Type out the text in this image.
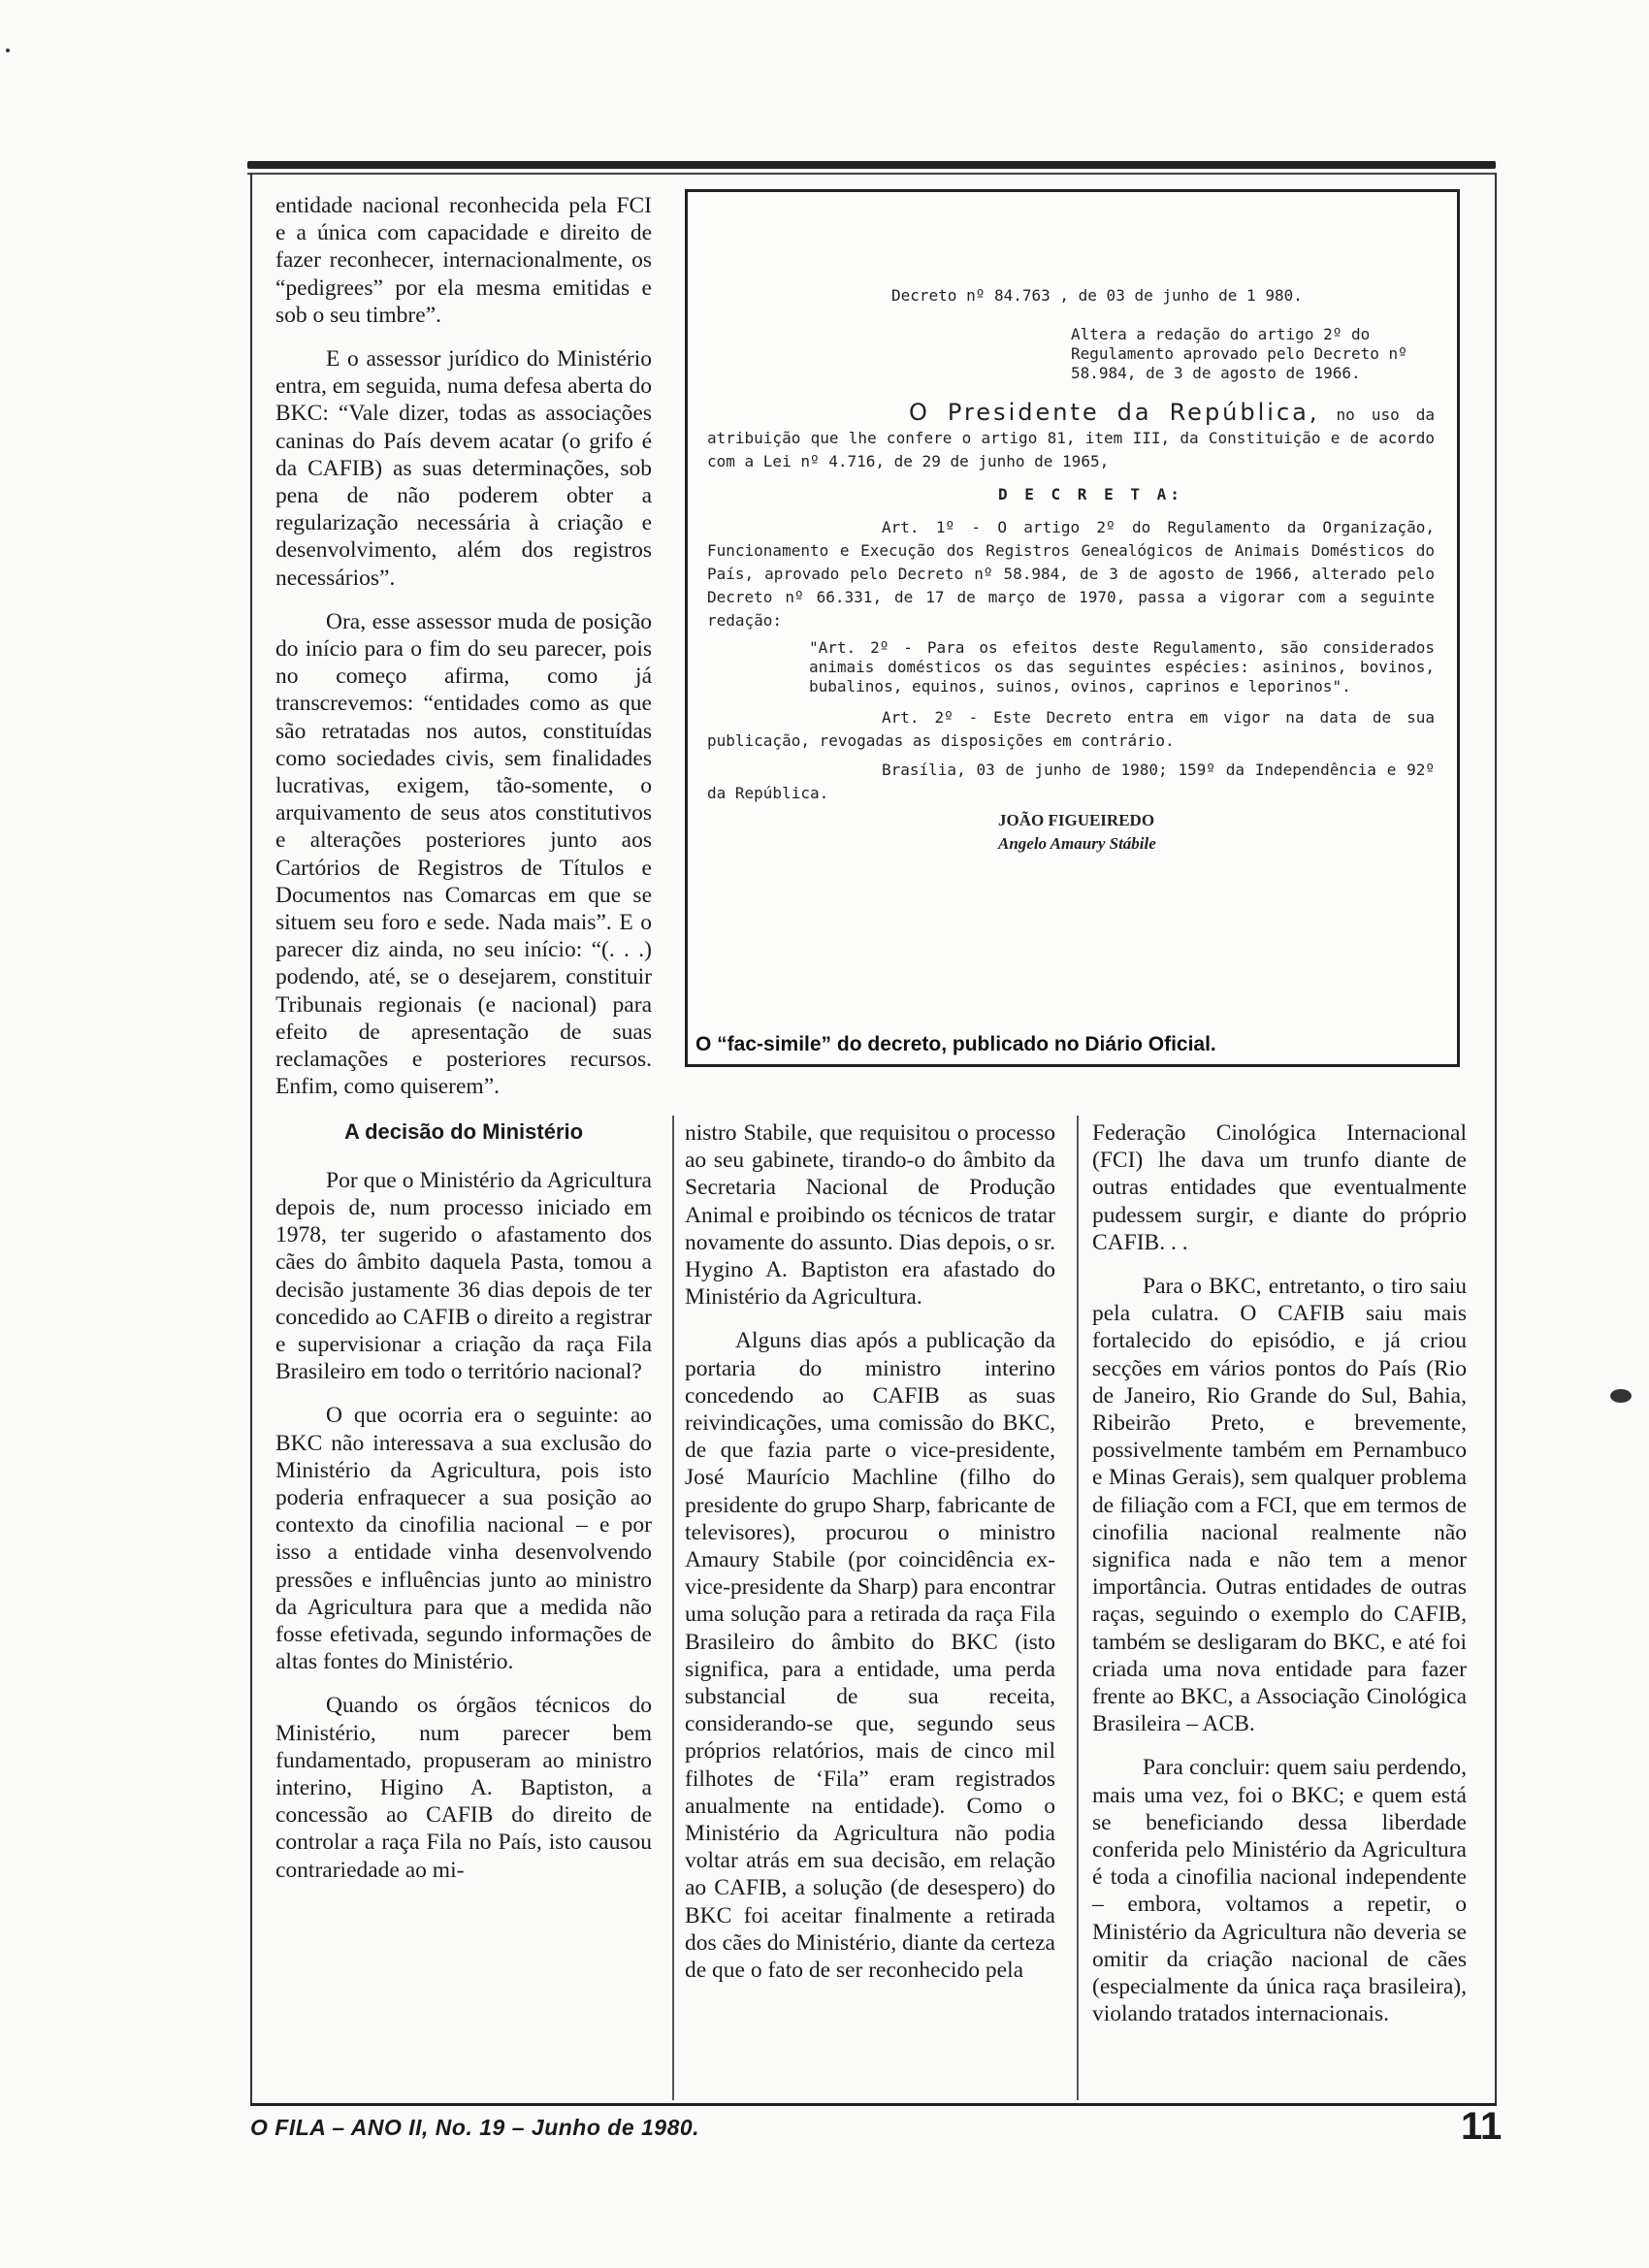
entidade nacional reconhecida pela FCI e a única com capacidade e direito de fazer reconhecer, internacionalmente, os “pedigrees” por ela mesma emitidas e sob o seu timbre”.

E o assessor jurídico do Ministério entra, em seguida, numa defesa aberta do BKC: “Vale dizer, todas as associações caninas do País devem acatar (o grifo é da CAFIB) as suas determinações, sob pena de não poderem obter a regularização necessária à criação e desenvolvimento, além dos registros necessários”.

Ora, esse assessor muda de posição do início para o fim do seu parecer, pois no começo afirma, como já transcrevemos: “entidades como as que são retratadas nos autos, constituídas como sociedades civis, sem finalidades lucrativas, exigem, tão-somente, o arquivamento de seus atos constitutivos e alterações posteriores junto aos Cartórios de Registros de Títulos e Documentos nas Comarcas em que se situem seu foro e sede. Nada mais”. E o parecer diz ainda, no seu início: “(. . .) podendo, até, se o desejarem, constituir Tribunais regionais (e nacional) para efeito de apresentação de suas reclamações e posteriores recursos. Enfim, como quiserem”.

A decisão do Ministério

Por que o Ministério da Agricultura depois de, num processo iniciado em 1978, ter sugerido o afastamento dos cães do âmbito daquela Pasta, tomou a decisão justamente 36 dias depois de ter concedido ao CAFIB o direito a registrar e supervisionar a criação da raça Fila Brasileiro em todo o território nacional?

O que ocorria era o seguinte: ao BKC não interessava a sua exclusão do Ministério da Agricultura, pois isto poderia enfraquecer a sua posição ao contexto da cinofilia nacional – e por isso a entidade vinha desenvolvendo pressões e influências junto ao ministro da Agricultura para que a medida não fosse efetivada, segundo informações de altas fontes do Ministério.

Quando os órgãos técnicos do Ministério, num parecer bem fundamentado, propuseram ao ministro interino, Higino A. Baptiston, a concessão ao CAFIB do direito de controlar a raça Fila no País, isto causou contrariedade ao mi-

Decreto nº 84.763 , de 03 de junho de 1 980.
Altera a redação do artigo 2º do Regulamento aprovado pelo Decreto nº 58.984, de 3 de agosto de 1966.
O Presidente da República, no uso da atribuição que lhe confere o artigo 81, item III, da Constituição e de acordo com a Lei nº 4.716, de 29 de junho de 1965,
D E C R E T A:
Art. 1º - O artigo 2º do Regulamento da Organização, Funcionamento e Execução dos Registros Genealógicos de Animais Domésticos do País, aprovado pelo Decreto nº 58.984, de 3 de agosto de 1966, alterado pelo Decreto nº 66.331, de 17 de março de 1970, passa a vigorar com a seguinte redação:
"Art. 2º - Para os efeitos deste Regulamento, são considerados animais domésticos os das seguintes espécies: asininos, bovinos, bubalinos, equinos, suinos, ovinos, caprinos e leporinos".
Art. 2º - Este Decreto entra em vigor na data de sua publicação, revogadas as disposições em contrário.
Brasília, 03 de junho de 1980; 159º da Independência e 92º da República.
JOÃO FIGUEIREDO
Angelo Amaury Stábile
O “fac-simile” do decreto, publicado no Diário Oficial.

nistro Stabile, que requisitou o processo ao seu gabinete, tirando-o do âmbito da Secretaria Nacional de Produção Animal e proibindo os técnicos de tratar novamente do assunto. Dias depois, o sr. Hygino A. Baptiston era afastado do Ministério da Agricultura.

Alguns dias após a publicação da portaria do ministro interino concedendo ao CAFIB as suas reivindicações, uma comissão do BKC, de que fazia parte o vice-presidente, José Maurício Machline (filho do presidente do grupo Sharp, fabricante de televisores), procurou o ministro Amaury Stabile (por coincidência ex-vice-presidente da Sharp) para encontrar uma solução para a retirada da raça Fila Brasileiro do âmbito do BKC (isto significa, para a entidade, uma perda substancial de sua receita, considerando-se que, segundo seus próprios relatórios, mais de cinco mil filhotes de ‘Fila” eram registrados anualmente na entidade). Como o Ministério da Agricultura não podia voltar atrás em sua decisão, em relação ao CAFIB, a solução (de desespero) do BKC foi aceitar finalmente a retirada dos cães do Ministério, diante da certeza de que o fato de ser reconhecido pela

Federação Cinológica Internacional (FCI) lhe dava um trunfo diante de outras entidades que eventualmente pudessem surgir, e diante do próprio CAFIB. . .

Para o BKC, entretanto, o tiro saiu pela culatra. O CAFIB saiu mais fortalecido do episódio, e já criou secções em vários pontos do País (Rio de Janeiro, Rio Grande do Sul, Bahia, Ribeirão Preto, e brevemente, possivelmente também em Pernambuco e Minas Gerais), sem qualquer problema de filiação com a FCI, que em termos de cinofilia nacional realmente não significa nada e não tem a menor importância. Outras entidades de outras raças, seguindo o exemplo do CAFIB, também se desligaram do BKC, e até foi criada uma nova entidade para fazer frente ao BKC, a Associação Cinológica Brasileira – ACB.

Para concluir: quem saiu perdendo, mais uma vez, foi o BKC; e quem está se beneficiando dessa liberdade conferida pelo Ministério da Agricultura é toda a cinofilia nacional independente – embora, voltamos a repetir, o Ministério da Agricultura não deveria se omitir da criação nacional de cães (especialmente da única raça brasileira), violando tratados internacionais.

O FILA – ANO II, No. 19 – Junho de 1980.	11
